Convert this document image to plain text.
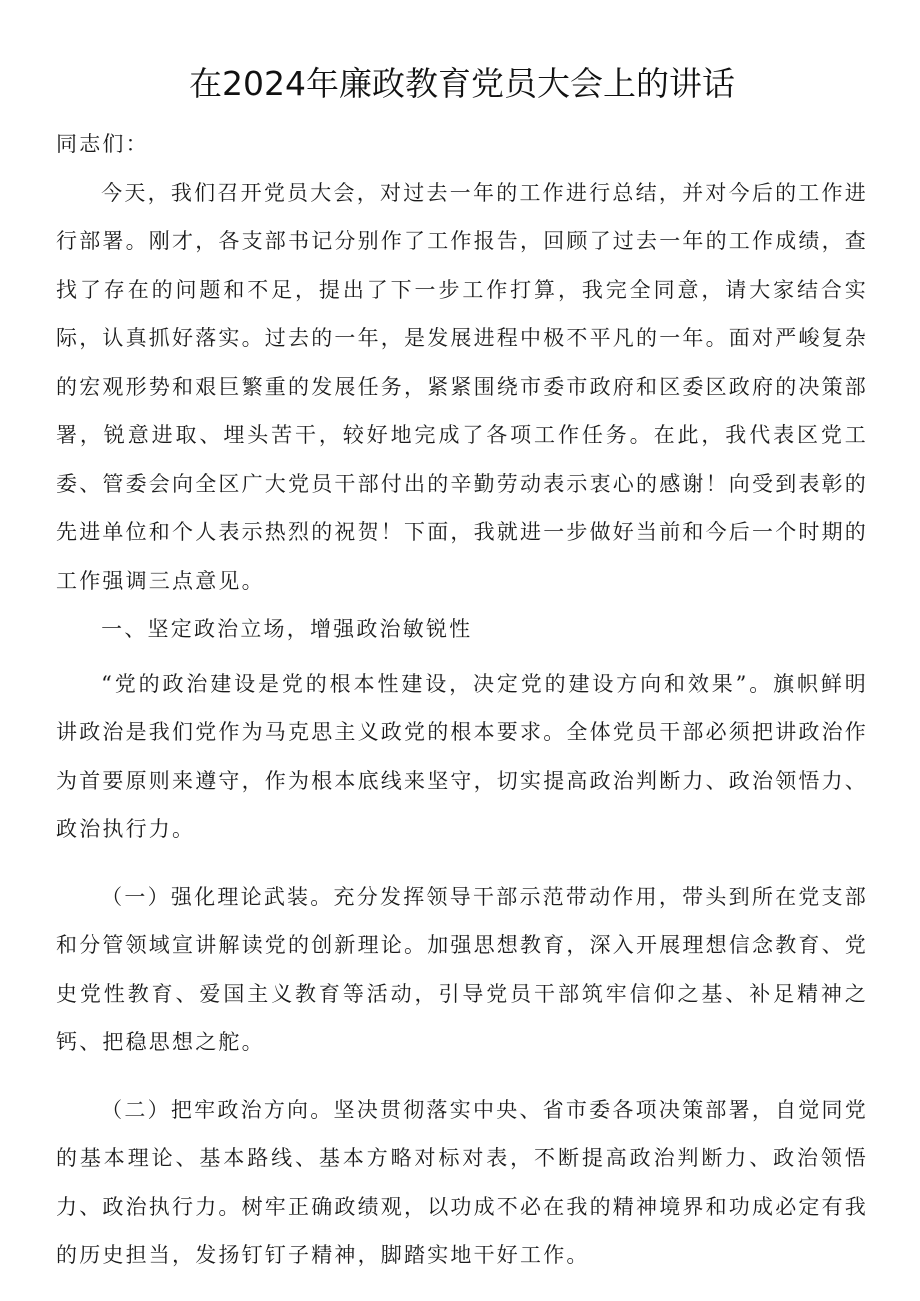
在2024年廉政教育党员大会上的讲话

同志们：

今天，我们召开党员大会，对过去一年的工作进行总结，并对今后的工作进行部署。刚才，各支部书记分别作了工作报告，回顾了过去一年的工作成绩，查找了存在的问题和不足，提出了下一步工作打算，我完全同意，请大家结合实际，认真抓好落实。过去的一年，是发展进程中极不平凡的一年。面对严峻复杂的宏观形势和艰巨繁重的发展任务，紧紧围绕市委市政府和区委区政府的决策部署，锐意进取、埋头苦干，较好地完成了各项工作任务。在此，我代表区党工委、管委会向全区广大党员干部付出的辛勤劳动表示衷心的感谢！向受到表彰的先进单位和个人表示热烈的祝贺！下面，我就进一步做好当前和今后一个时期的工作强调三点意见。

一、坚定政治立场，增强政治敏锐性

“党的政治建设是党的根本性建设，决定党的建设方向和效果”。旗帜鲜明讲政治是我们党作为马克思主义政党的根本要求。全体党员干部必须把讲政治作为首要原则来遵守，作为根本底线来坚守，切实提高政治判断力、政治领悟力、政治执行力。

（一）强化理论武装。充分发挥领导干部示范带动作用，带头到所在党支部和分管领域宣讲解读党的创新理论。加强思想教育，深入开展理想信念教育、党史党性教育、爱国主义教育等活动，引导党员干部筑牢信仰之基、补足精神之钙、把稳思想之舵。

（二）把牢政治方向。坚决贯彻落实中央、省市委各项决策部署，自觉同党的基本理论、基本路线、基本方略对标对表，不断提高政治判断力、政治领悟力、政治执行力。树牢正确政绩观，以功成不必在我的精神境界和功成必定有我的历史担当，发扬钉钉子精神，脚踏实地干好工作。
